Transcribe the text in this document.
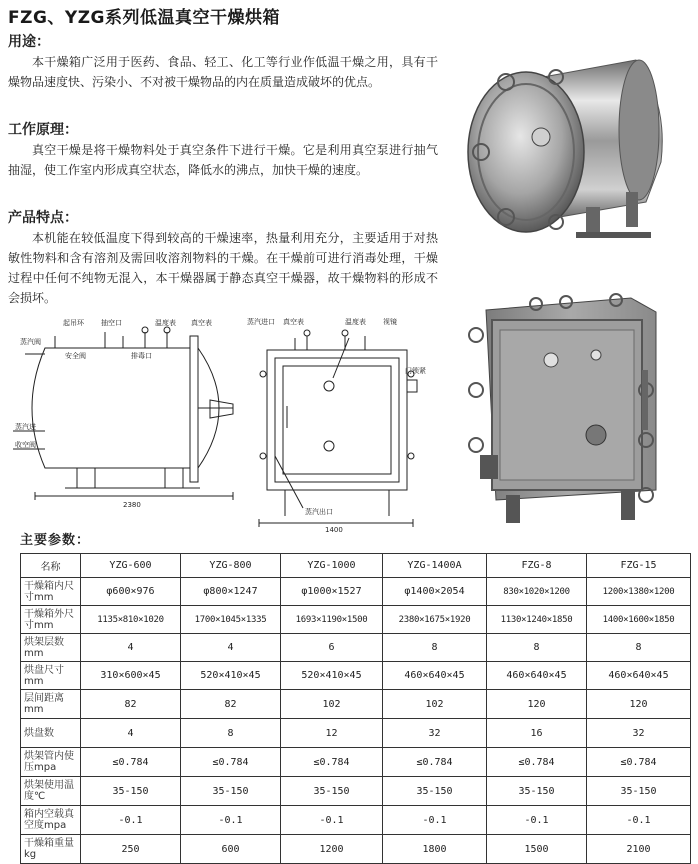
FZG、YZG系列低温真空干燥烘箱
用途：
本干燥箱广泛用于医药、食品、轻工、化工等行业作低温干燥之用，具有干燥物品速度快、污染小、不对被干燥物品的内在质量造成破坏的优点。
工作原理：
真空干燥是将干燥物料处于真空条件下进行干燥。它是利用真空泵进行抽气抽湿，使工作室内形成真空状态，降低水的沸点，加快干燥的速度。
产品特点：
本机能在较低温度下得到较高的干燥速率，热量利用充分，主要适用于对热敏性物料和含有溶剂及需回收溶剂物料的干燥。在干燥前可进行消毒处理，干燥过程中任何不纯物无混入，本干燥器属于静态真空干燥器，故干燥物料的形成不会损坏。
起吊环 抽空口	温度表 真空表
蒸汽阀
安全阀	排毒口
蒸汽进
收空阀
2380
蒸汽进口 真空表	温度表 视镜
门锁紧
蒸汽出口
1400
主要参数：
名称	YZG-600	YZG-800	YZG-1000	YZG-1400A	FZG-8	FZG-15
干燥箱内尺寸mm	φ600×976	φ800×1247	φ1000×1527	φ1400×2054	830×1020×1200	1200×1380×1200
干燥箱外尺寸mm	1135×810×1020	1700×1045×1335	1693×1190×1500	2380×1675×1920	1130×1240×1850	1400×1600×1850
烘架层数mm	4	4	6	8	8	8
烘盘尺寸mm	310×600×45	520×410×45	520×410×45	460×640×45	460×640×45	460×640×45
层间距离mm	82	82	102	102	120	120
烘盘数	4	8	12	32	16	32
烘架管内使压mpa	≤0.784	≤0.784	≤0.784	≤0.784	≤0.784	≤0.784
烘架使用温度℃	35-150	35-150	35-150	35-150	35-150	35-150
箱内空载真空度mpa	-0.1	-0.1	-0.1	-0.1	-0.1	-0.1
干燥箱重量kg	250	600	1200	1800	1500	2100
